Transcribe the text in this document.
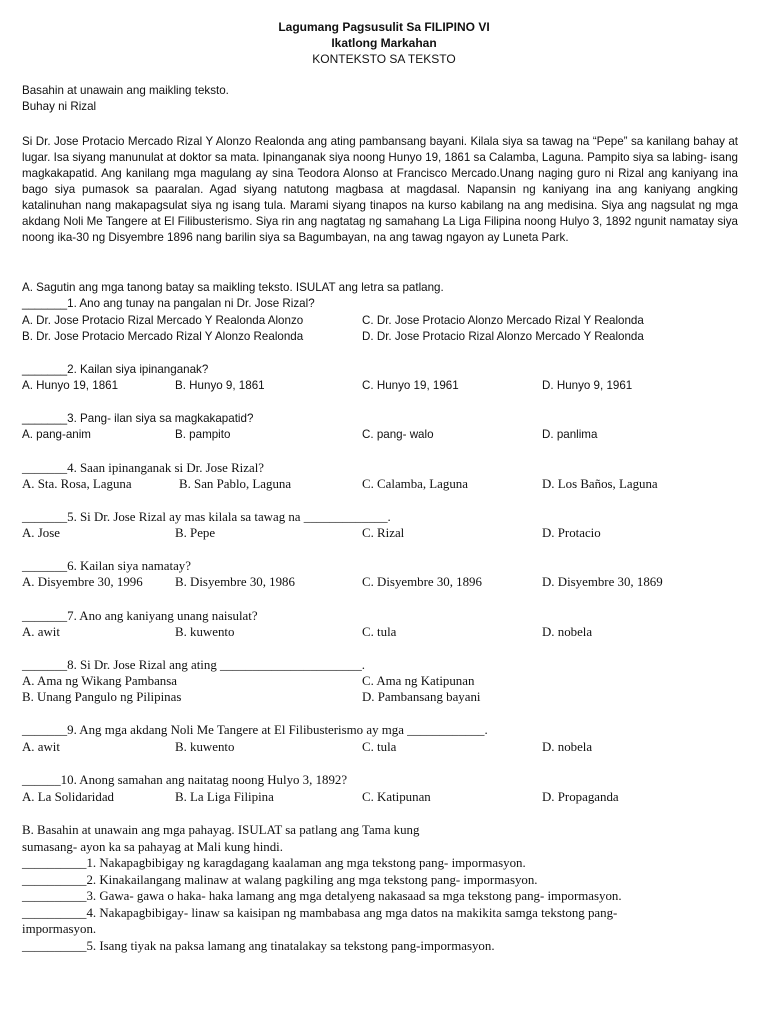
Lagumang Pagsusulit Sa FILIPINO VI
Ikatlong Markahan
KONTEKSTO SA TEKSTO
Basahin at unawain ang maikling teksto.
Buhay ni Rizal
Si Dr. Jose Protacio Mercado Rizal Y Alonzo Realonda ang ating pambansang bayani. Kilala siya sa tawag na “Pepe” sa kanilang bahay at lugar. Isa siyang manunulat at doktor sa mata. Ipinanganak siya noong Hunyo 19, 1861 sa Calamba, Laguna. Pampito siya sa labing- isang magkakapatid. Ang kanilang mga magulang ay sina Teodora Alonso at Francisco Mercado.Unang naging guro ni Rizal ang kaniyang ina bago siya pumasok sa paaralan. Agad siyang natutong magbasa at magdasal. Napansin ng kaniyang ina ang kaniyang angking katalinuhan nang makapagsulat siya ng isang tula. Marami siyang tinapos na kurso kabilang na ang medisina. Siya ang nagsulat ng mga akdang Noli Me Tangere at El Filibusterismo. Siya rin ang nagtatag ng samahang La Liga Filipina noong Hulyo 3, 1892 ngunit namatay siya noong ika-30 ng Disyembre 1896 nang barilin siya sa Bagumbayan, na ang tawag ngayon ay Luneta Park.
A. Sagutin ang mga tanong batay sa maikling teksto. ISULAT ang letra sa patlang.
_______1. Ano ang tunay na pangalan ni Dr. Jose Rizal?
A. Dr. Jose Protacio Rizal Mercado Y Realonda Alonzo	C. Dr. Jose Protacio Alonzo Mercado Rizal Y Realonda
B. Dr. Jose Protacio Mercado Rizal Y Alonzo Realonda	D. Dr. Jose Protacio Rizal Alonzo Mercado Y Realonda
_______2. Kailan siya ipinanganak?
A. Hunyo 19, 1861	B. Hunyo 9, 1861	C. Hunyo 19, 1961	D. Hunyo 9, 1961
_______3. Pang- ilan siya sa magkakapatid?
A. pang-anim	B. pampito	C. pang- walo	D. panlima
_______4. Saan ipinanganak si Dr. Jose Rizal?
A. Sta. Rosa, Laguna	B. San Pablo, Laguna	C. Calamba, Laguna	D. Los Baños, Laguna
_______5. Si Dr. Jose Rizal ay mas kilala sa tawag na _____________.
A. Jose	B. Pepe	C. Rizal	D. Protacio
_______6. Kailan siya namatay?
A. Disyembre 30, 1996	B. Disyembre 30, 1986	C. Disyembre 30, 1896	D. Disyembre 30, 1869
_______7. Ano ang kaniyang unang naisulat?
A. awit	B. kuwento	C. tula	D. nobela
_______8. Si Dr. Jose Rizal ang ating ______________________.
A. Ama ng Wikang Pambansa	C. Ama ng Katipunan
B. Unang Pangulo ng Pilipinas	D. Pambansang bayani
_______9. Ang mga akdang Noli Me Tangere at El Filibusterismo ay mga ____________.
A. awit	B. kuwento	C. tula	D. nobela
______10. Anong samahan ang naitatag noong Hulyo 3, 1892?
A. La Solidaridad	B. La Liga Filipina	C. Katipunan	D. Propaganda
B. Basahin at unawain ang mga pahayag. ISULAT sa patlang ang Tama kung
sumasang- ayon ka sa pahayag at Mali kung hindi.
__________1. Nakapagbibigay ng karagdagang kaalaman ang mga tekstong pang- impormasyon.
__________2. Kinakailangang malinaw at walang pagkiling ang mga tekstong pang- impormasyon.
__________3. Gawa- gawa o haka- haka lamang ang mga detalyeng nakasaad sa mga tekstong pang- impormasyon.
__________4. Nakapagbibigay- linaw sa kaisipan ng mambabasa ang mga datos na makikita samga tekstong pang-
impormasyon.
__________5. Isang tiyak na paksa lamang ang tinatalakay sa tekstong pang-impormasyon.
